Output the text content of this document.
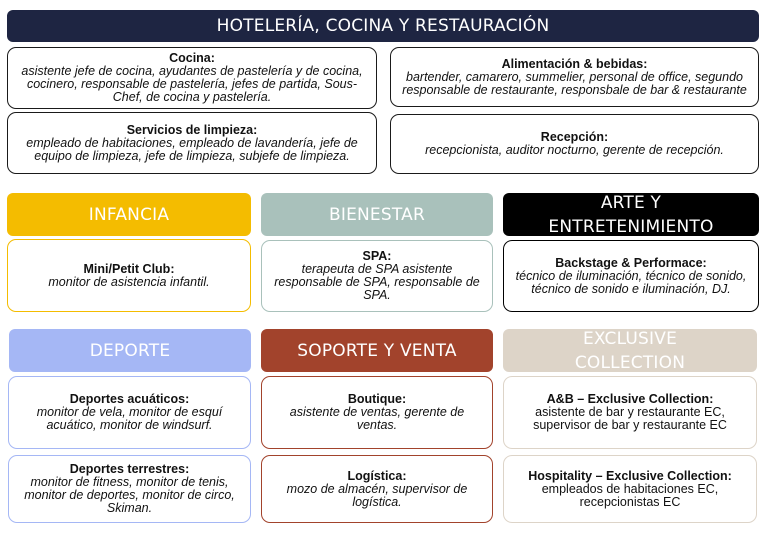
HOTELERÍA, COCINA Y RESTAURACIÓN
Cocina:
asistente jefe de cocina, ayudantes de pastelería y de cocina, cocinero, responsable de pastelería, jefes de partida, Sous-Chef, de cocina y pastelería.
Alimentación & bebidas:
bartender, camarero, summelier, personal de office, segundo responsable de restaurante, responsbale de bar & restaurante
Servicios de limpieza:
empleado de habitaciones, empleado de lavandería, jefe de equipo de limpieza, jefe de limpieza, subjefe de limpieza.
Recepción:
recepcionista, auditor nocturno, gerente de recepción.
INFANCIA
Mini/Petit Club:
monitor de asistencia infantil.
BIENESTAR
SPA:
terapeuta de SPA asistente responsable de SPA, responsable de SPA.
ARTE Y
ENTRETENIMIENTO
Backstage & Performace:
técnico de iluminación, técnico de sonido, técnico de sonido e iluminación, DJ.
DEPORTE
Deportes acuáticos:
monitor de vela, monitor de esquí acuático, monitor de windsurf.
Deportes terrestres:
monitor de fitness, monitor de tenis, monitor de deportes, monitor de circo, Skiman.
SOPORTE Y VENTA
Boutique:
asistente de ventas, gerente de ventas.
Logística:
mozo de almacén, supervisor de logística.
EXCLUSIVE
COLLECTION
A&B – Exclusive Collection:
asistente de bar y restaurante EC, supervisor de bar y restaurante EC
Hospitality – Exclusive Collection:
empleados de habitaciones EC, recepcionistas EC
